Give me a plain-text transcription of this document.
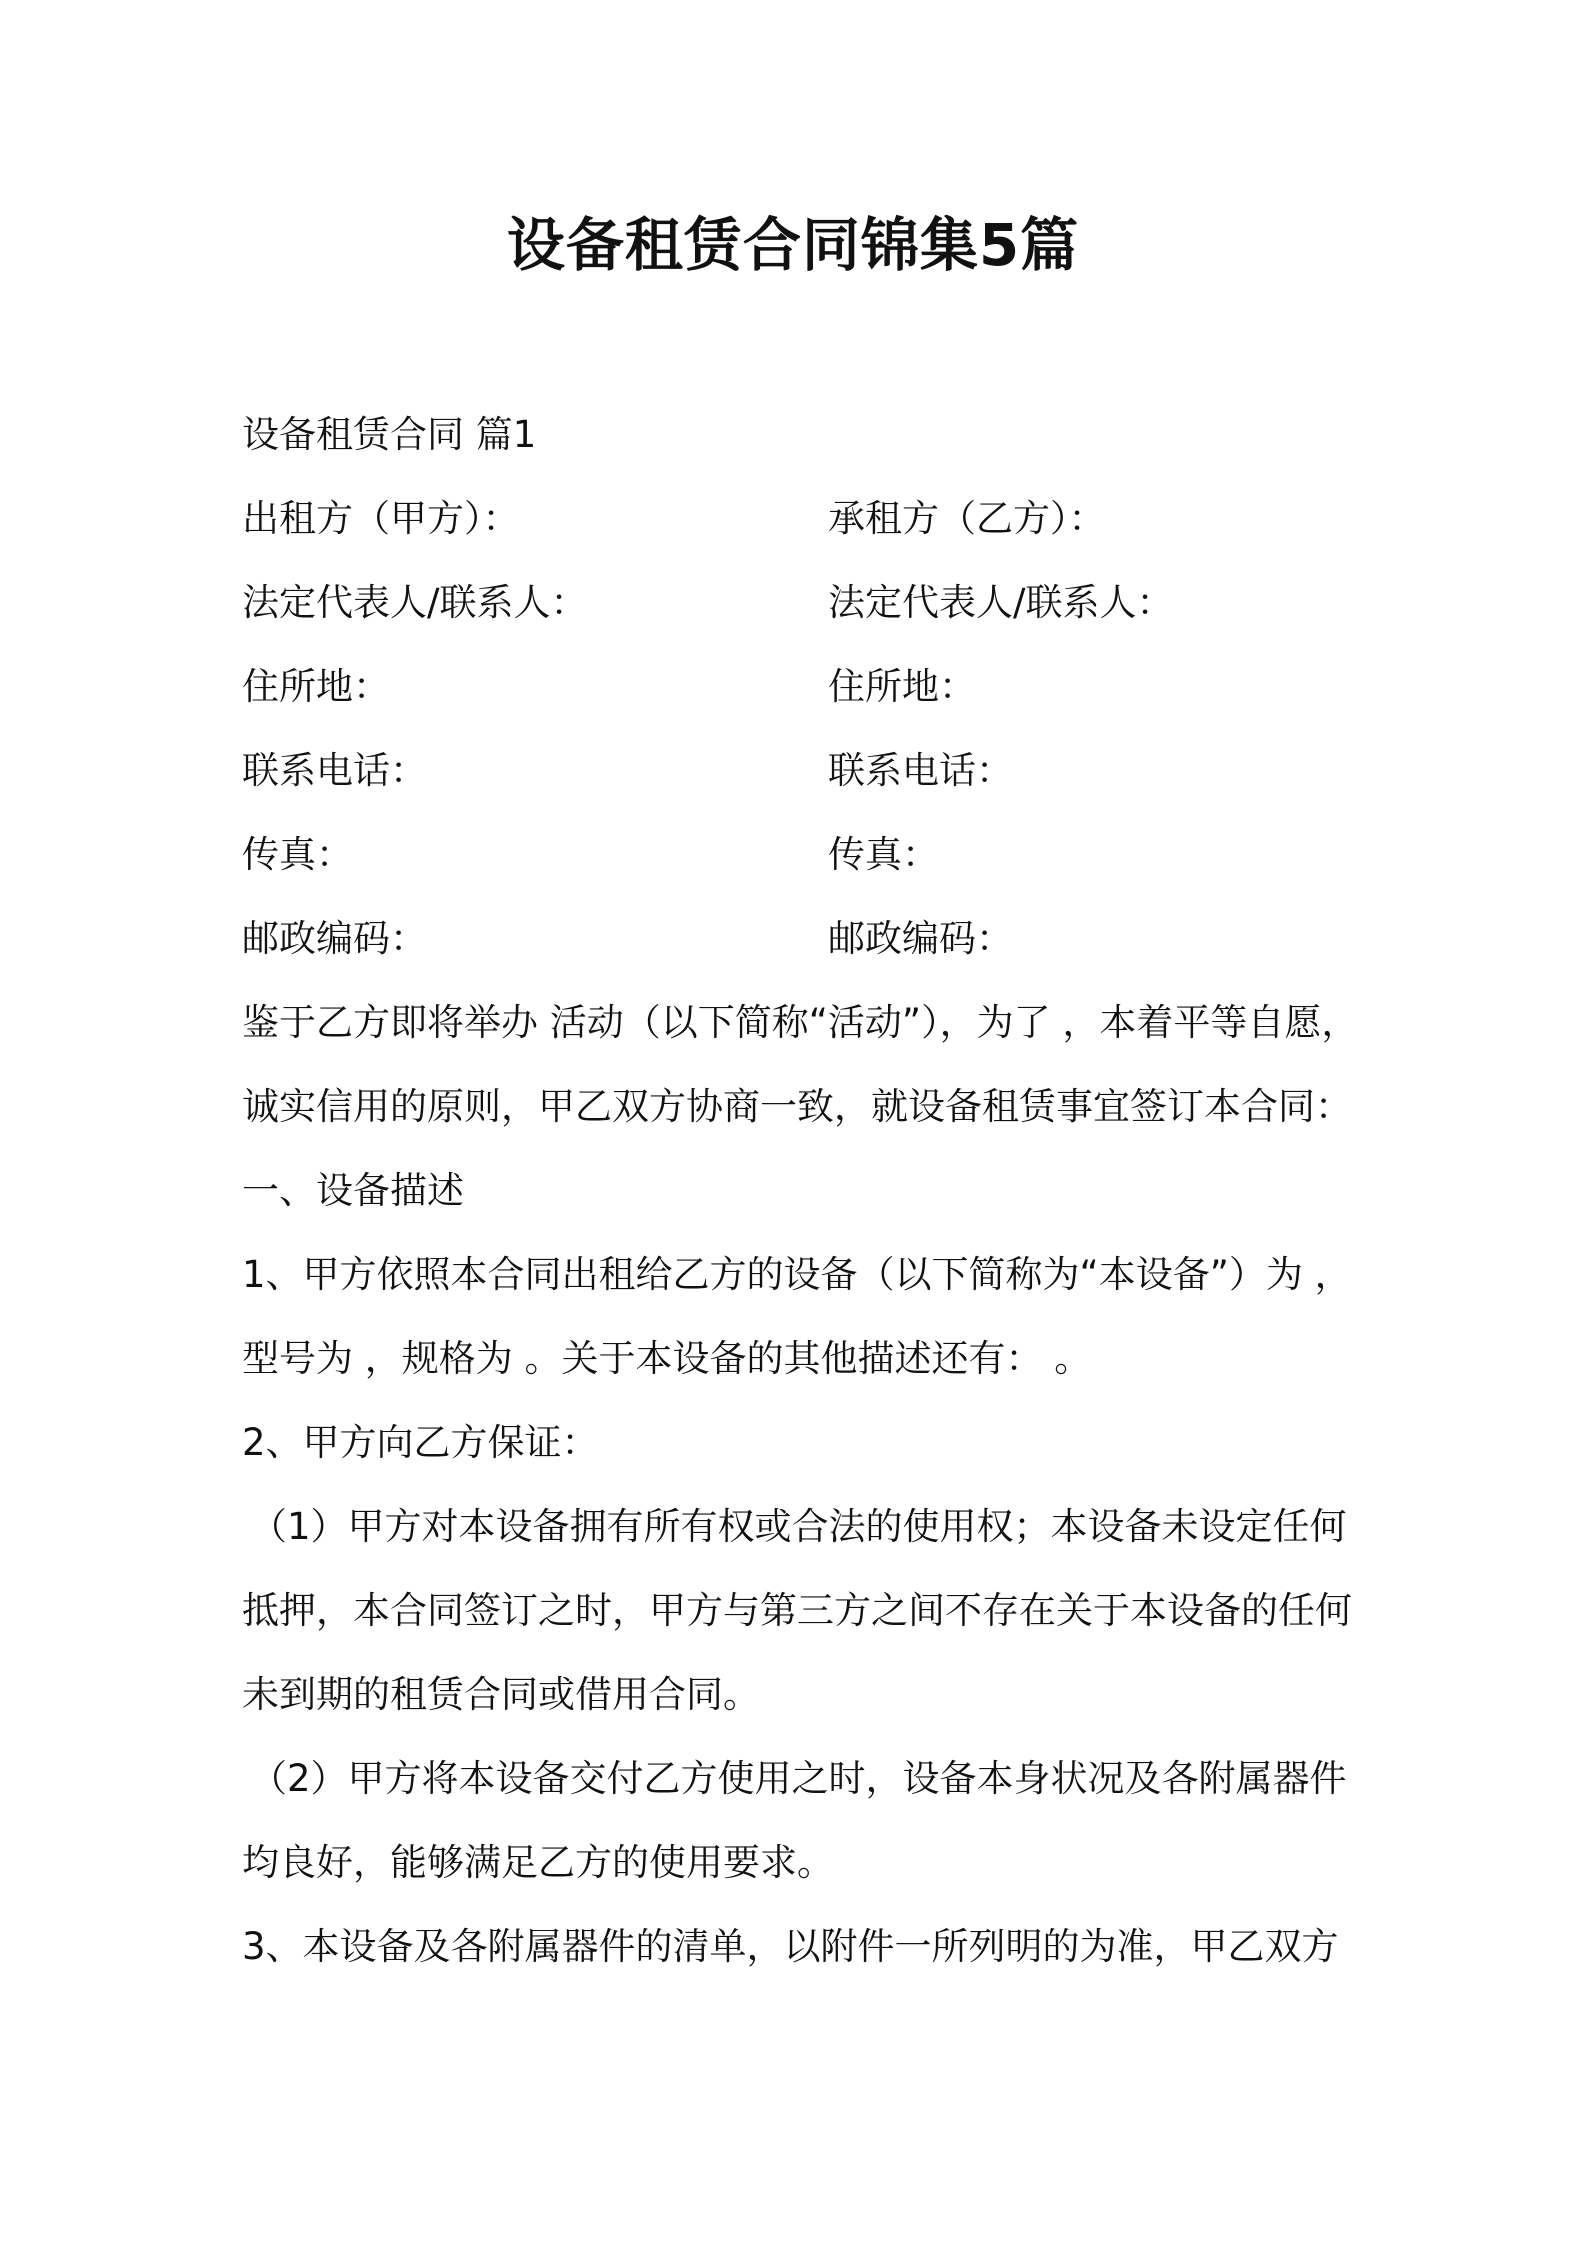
设备租赁合同锦集5篇
设备租赁合同 篇1
出租方（甲方）：	承租方（乙方）：
法定代表人/联系人：	法定代表人/联系人：
住所地：	住所地：
联系电话：	联系电话：
传真：	传真：
邮政编码：	邮政编码：
鉴于乙方即将举办 活动（以下简称“活动”），为了 ，本着平等自愿，
诚实信用的原则，甲乙双方协商一致，就设备租赁事宜签订本合同：
一、设备描述
1、甲方依照本合同出租给乙方的设备（以下简称为“本设备”）为 ，
型号为 ，规格为 。关于本设备的其他描述还有： 。
2、甲方向乙方保证：
（1）甲方对本设备拥有所有权或合法的使用权；本设备未设定任何
抵押，本合同签订之时，甲方与第三方之间不存在关于本设备的任何
未到期的租赁合同或借用合同。
（2）甲方将本设备交付乙方使用之时，设备本身状况及各附属器件
均良好，能够满足乙方的使用要求。
3、本设备及各附属器件的清单，以附件一所列明的为准，甲乙双方
